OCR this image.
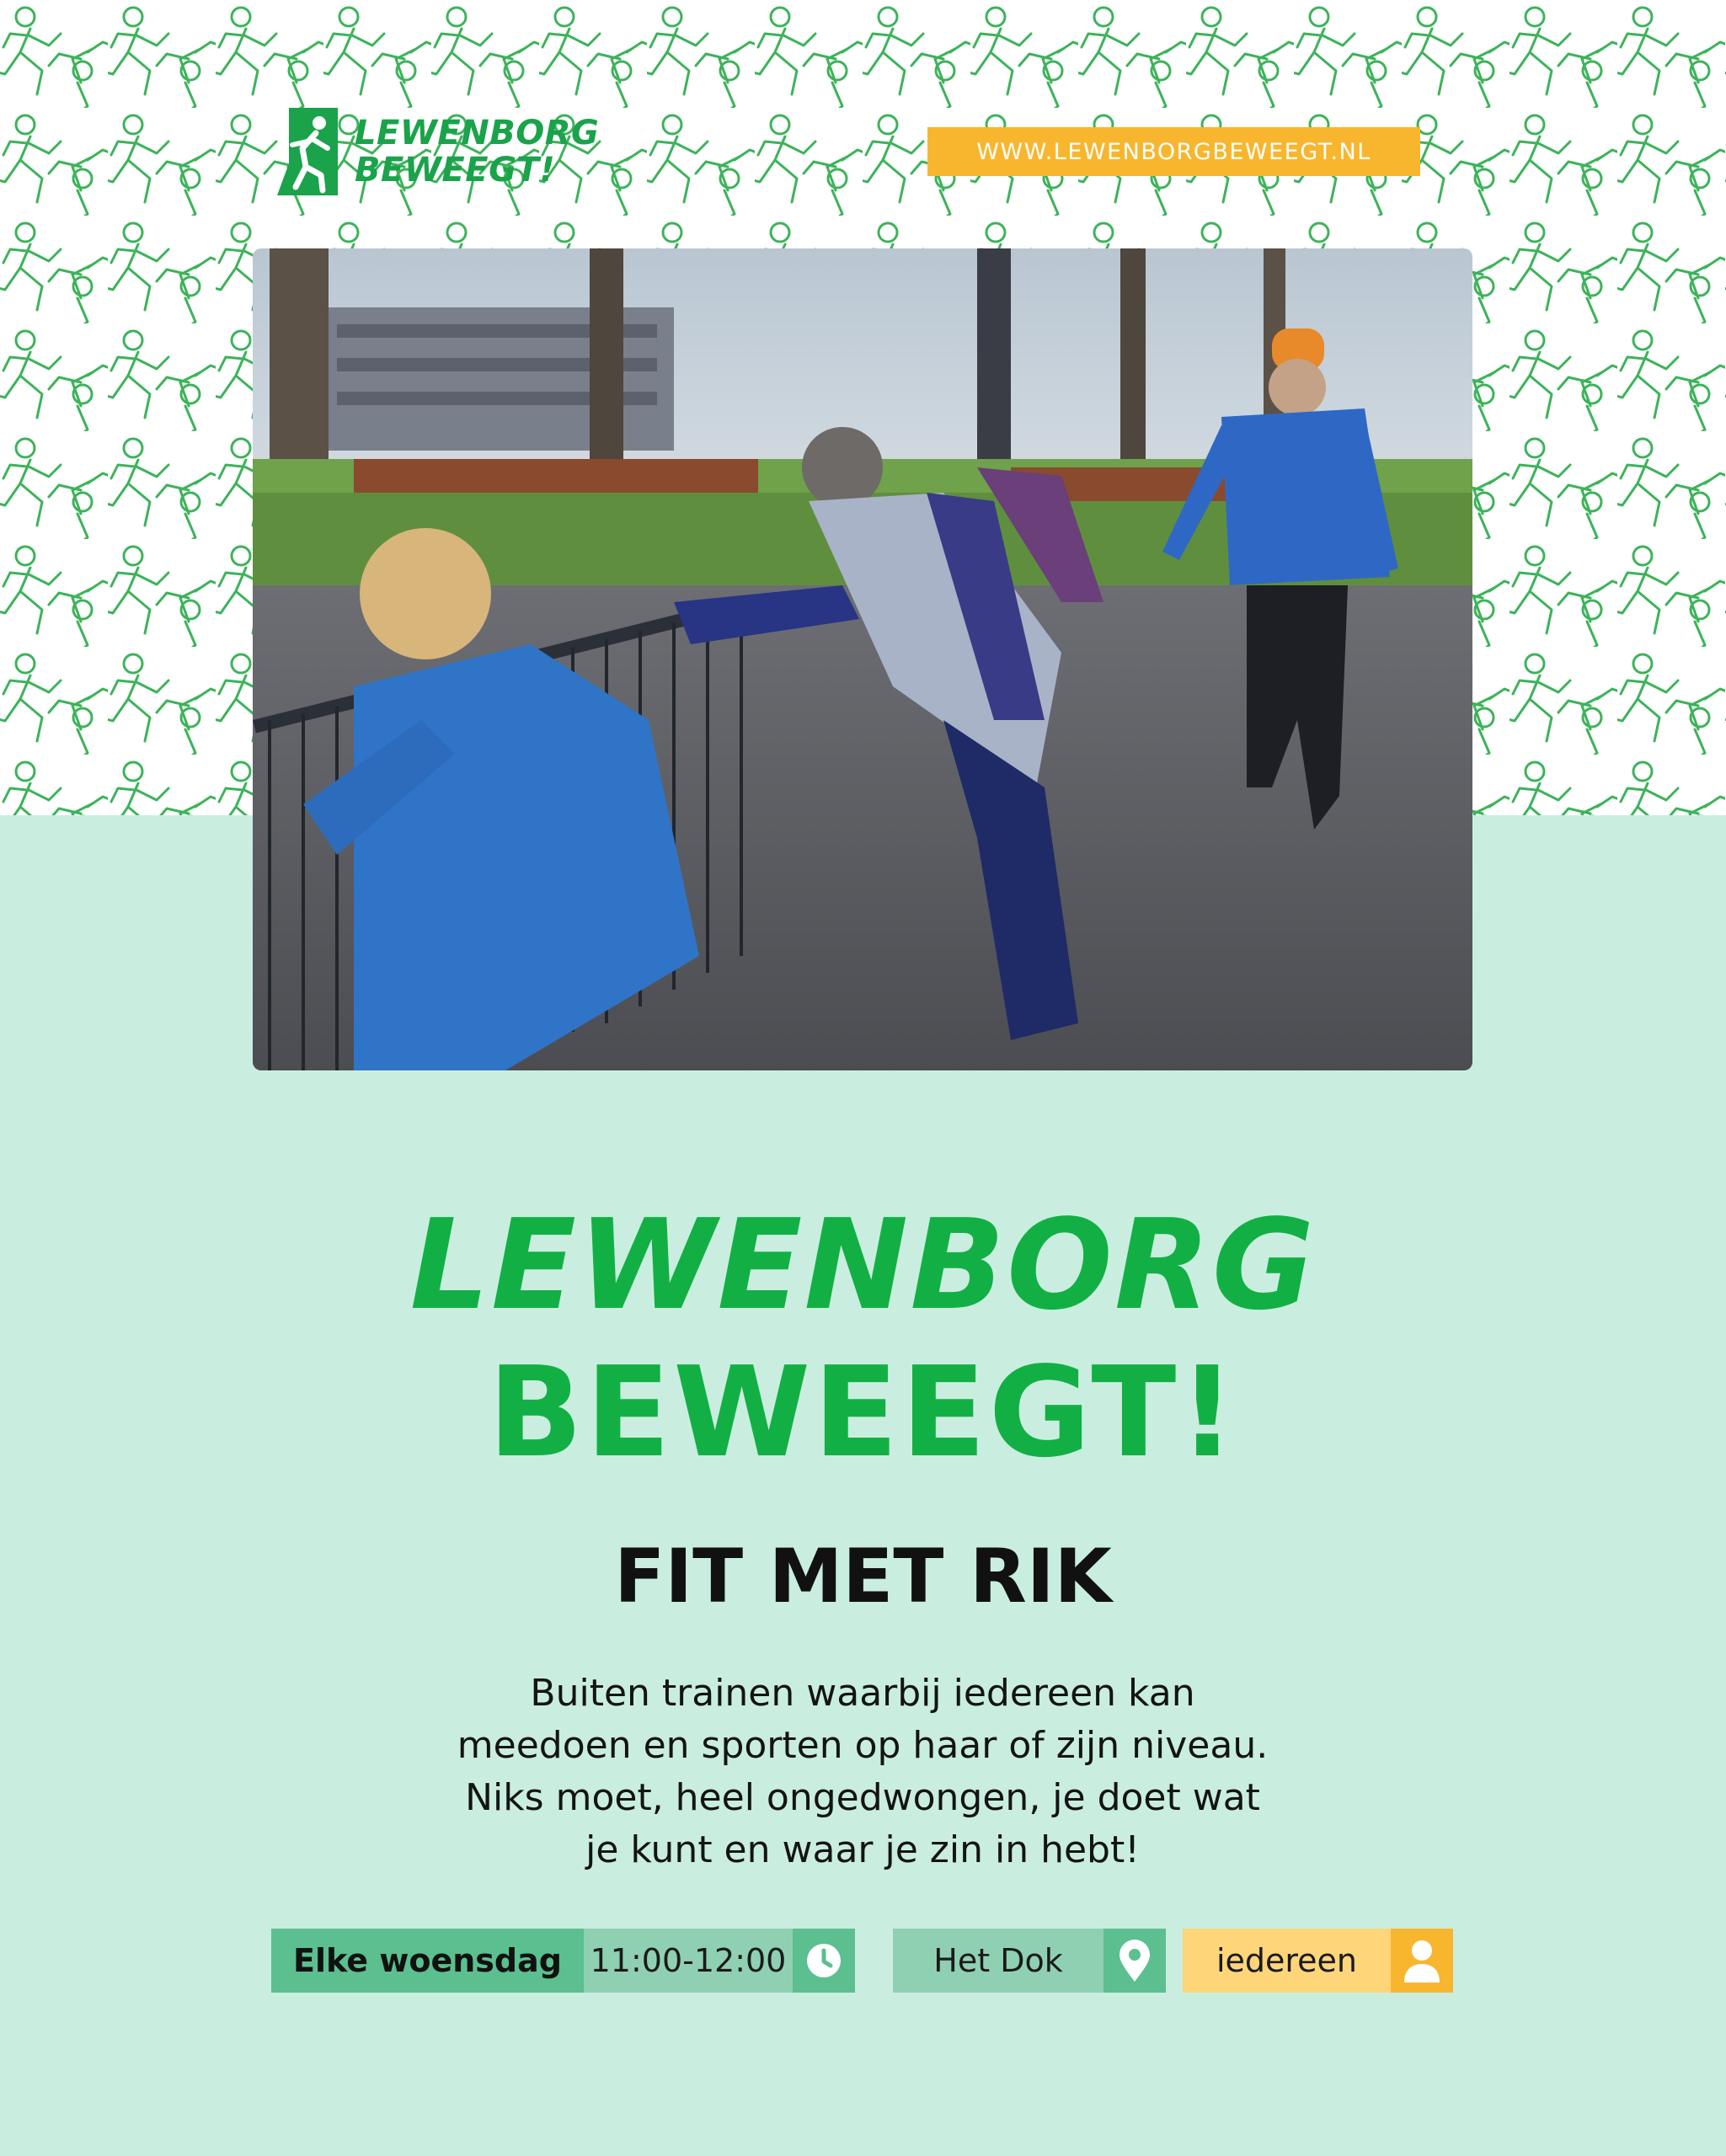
LEWENBORG
BEWEEGT!	WWW.LEWENBORGBEWEEGT.NL
LEWENBORG
BEWEEGT!
FIT MET RIK
Buiten trainen waarbij iedereen kan
meedoen en sporten op haar of zijn niveau.
Niks moet, heel ongedwongen, je doet wat
je kunt en waar je zin in hebt!
Elke woensdag 11:00-12:00	Het Dok	iedereen
